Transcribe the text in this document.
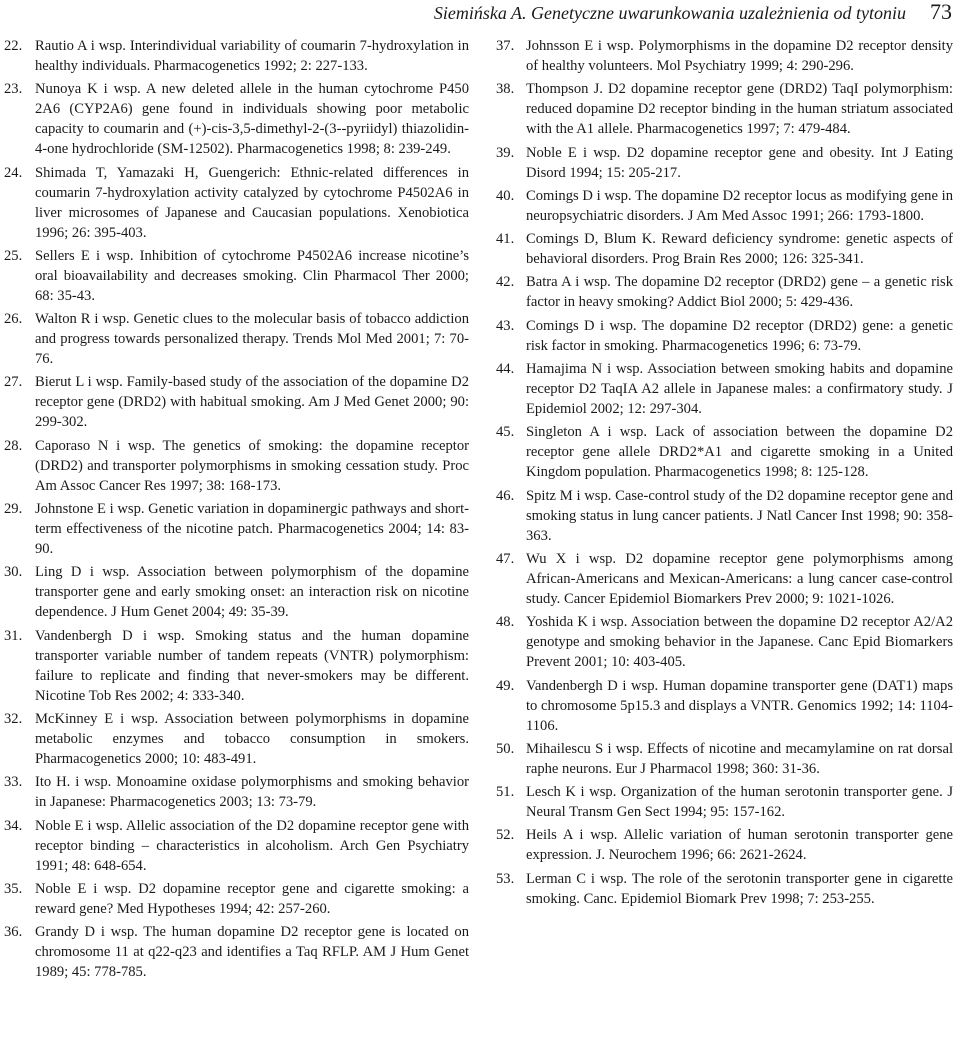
Siemińska A. Genetyczne uwarunkowania uzależnienia od tytoniu 73
22. Rautio A i wsp. Interindividual variability of coumarin 7-hydroxylation in healthy individuals. Pharmacogenetics 1992; 2: 227-133.
23. Nunoya K i wsp. A new deleted allele in the human cytochrome P450 2A6 (CYP2A6) gene found in individuals showing poor metabolic capacity to coumarin and (+)-cis-3,5-dimethyl-2-(3--pyriidyl) thiazolidin-4-one hydrochloride (SM-12502). Pharmacogenetics 1998; 8: 239-249.
24. Shimada T, Yamazaki H, Guengerich: Ethnic-related differences in coumarin 7-hydroxylation activity catalyzed by cytochrome P4502A6 in liver microsomes of Japanese and Caucasian populations. Xenobiotica 1996; 26: 395-403.
25. Sellers E i wsp. Inhibition of cytochrome P4502A6 increase nicotine’s oral bioavailability and decreases smoking. Clin Pharmacol Ther 2000; 68: 35-43.
26. Walton R i wsp. Genetic clues to the molecular basis of tobacco addiction and progress towards personalized therapy. Trends Mol Med 2001; 7: 70-76.
27. Bierut L i wsp. Family-based study of the association of the dopamine D2 receptor gene (DRD2) with habitual smoking. Am J Med Genet 2000; 90: 299-302.
28. Caporaso N i wsp. The genetics of smoking: the dopamine receptor (DRD2) and transporter polymorphisms in smoking cessation study. Proc Am Assoc Cancer Res 1997; 38: 168-173.
29. Johnstone E i wsp. Genetic variation in dopaminergic pathways and short-term effectiveness of the nicotine patch. Pharmacogenetics 2004; 14: 83-90.
30. Ling D i wsp. Association between polymorphism of the dopamine transporter gene and early smoking onset: an interaction risk on nicotine dependence. J Hum Genet 2004; 49: 35-39.
31. Vandenbergh D i wsp. Smoking status and the human dopamine transporter variable number of tandem repeats (VNTR) polymorphism: failure to replicate and finding that never-smokers may be different. Nicotine Tob Res 2002; 4: 333-340.
32. McKinney E i wsp. Association between polymorphisms in dopamine metabolic enzymes and tobacco consumption in smokers. Pharmacogenetics 2000; 10: 483-491.
33. Ito H. i wsp. Monoamine oxidase polymorphisms and smoking behavior in Japanese: Pharmacogenetics 2003; 13: 73-79.
34. Noble E i wsp. Allelic association of the D2 dopamine receptor gene with receptor binding – characteristics in alcoholism. Arch Gen Psychiatry 1991; 48: 648-654.
35. Noble E i wsp. D2 dopamine receptor gene and cigarette smoking: a reward gene? Med Hypotheses 1994; 42: 257-260.
36. Grandy D i wsp. The human dopamine D2 receptor gene is located on chromosome 11 at q22-q23 and identifies a Taq RFLP. AM J Hum Genet 1989; 45: 778-785.
37. Johnsson E i wsp. Polymorphisms in the dopamine D2 receptor density of healthy volunteers. Mol Psychiatry 1999; 4: 290-296.
38. Thompson J. D2 dopamine receptor gene (DRD2) TaqI polymorphism: reduced dopamine D2 receptor binding in the human striatum associated with the A1 allele. Pharmacogenetics 1997; 7: 479-484.
39. Noble E i wsp. D2 dopamine receptor gene and obesity. Int J Eating Disord 1994; 15: 205-217.
40. Comings D i wsp. The dopamine D2 receptor locus as modifying gene in neuropsychiatric disorders. J Am Med Assoc 1991; 266: 1793-1800.
41. Comings D, Blum K. Reward deficiency syndrome: genetic aspects of behavioral disorders. Prog Brain Res 2000; 126: 325-341.
42. Batra A i wsp. The dopamine D2 receptor (DRD2) gene – a genetic risk factor in heavy smoking? Addict Biol 2000; 5: 429-436.
43. Comings D i wsp. The dopamine D2 receptor (DRD2) gene: a genetic risk factor in smoking. Pharmacogenetics 1996; 6: 73-79.
44. Hamajima N i wsp. Association between smoking habits and dopamine receptor D2 TaqIA A2 allele in Japanese males: a confirmatory study. J Epidemiol 2002; 12: 297-304.
45. Singleton A i wsp. Lack of association between the dopamine D2 receptor gene allele DRD2*A1 and cigarette smoking in a United Kingdom population. Pharmacogenetics 1998; 8: 125-128.
46. Spitz M i wsp. Case-control study of the D2 dopamine receptor gene and smoking status in lung cancer patients. J Natl Cancer Inst 1998; 90: 358-363.
47. Wu X i wsp. D2 dopamine receptor gene polymorphisms among African-Americans and Mexican-Americans: a lung cancer case-control study. Cancer Epidemiol Biomarkers Prev 2000; 9: 1021-1026.
48. Yoshida K i wsp. Association between the dopamine D2 receptor A2/A2 genotype and smoking behavior in the Japanese. Canc Epid Biomarkers Prevent 2001; 10: 403-405.
49. Vandenbergh D i wsp. Human dopamine transporter gene (DAT1) maps to chromosome 5p15.3 and displays a VNTR. Genomics 1992; 14: 1104-1106.
50. Mihailescu S i wsp. Effects of nicotine and mecamylamine on rat dorsal raphe neurons. Eur J Pharmacol 1998; 360: 31-36.
51. Lesch K i wsp. Organization of the human serotonin transporter gene. J Neural Transm Gen Sect 1994; 95: 157-162.
52. Heils A i wsp. Allelic variation of human serotonin transporter gene expression. J. Neurochem 1996; 66: 2621-2624.
53. Lerman C i wsp. The role of the serotonin transporter gene in cigarette smoking. Canc. Epidemiol Biomark Prev 1998; 7: 253-255.
